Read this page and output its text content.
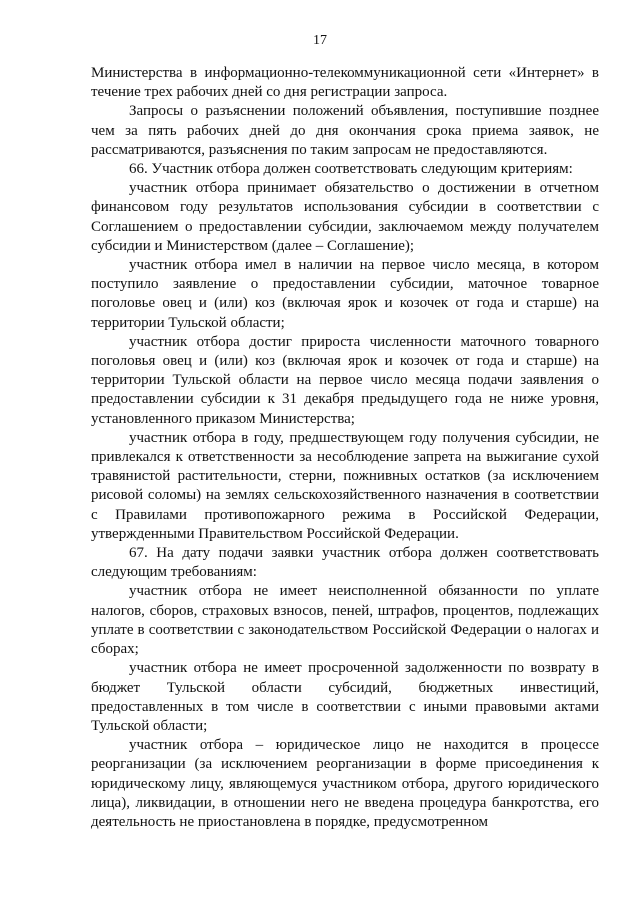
17

Министерства в информационно-телекоммуникационной сети «Интернет» в течение трех рабочих дней со дня регистрации запроса.

Запросы о разъяснении положений объявления, поступившие позднее чем за пять рабочих дней до дня окончания срока приема заявок, не рассматриваются, разъяснения по таким запросам не предоставляются.

66. Участник отбора должен соответствовать следующим критериям:

участник отбора принимает обязательство о достижении в отчетном финансовом году результатов использования субсидии в соответствии с Соглашением о предоставлении субсидии, заключаемом между получателем субсидии и Министерством (далее – Соглашение);

участник отбора имел в наличии на первое число месяца, в котором поступило заявление о предоставлении субсидии, маточное товарное поголовье овец и (или) коз (включая ярок и козочек от года и старше) на территории Тульской области;

участник отбора достиг прироста численности маточного товарного поголовья овец и (или) коз (включая ярок и козочек от года и старше) на территории Тульской области на первое число месяца подачи заявления о предоставлении субсидии к 31 декабря предыдущего года не ниже уровня, установленного приказом Министерства;

участник отбора в году, предшествующем году получения субсидии, не привлекался к ответственности за несоблюдение запрета на выжигание сухой травянистой растительности, стерни, пожнивных остатков (за исключением рисовой соломы) на землях сельскохозяйственного назначения в соответствии с Правилами противопожарного режима в Российской Федерации, утвержденными Правительством Российской Федерации.

67. На дату подачи заявки участник отбора должен соответствовать следующим требованиям:

участник отбора не имеет неисполненной обязанности по уплате налогов, сборов, страховых взносов, пеней, штрафов, процентов, подлежащих уплате в соответствии с законодательством Российской Федерации о налогах и сборах;

участник отбора не имеет просроченной задолженности по возврату в бюджет Тульской области субсидий, бюджетных инвестиций, предоставленных в том числе в соответствии с иными правовыми актами Тульской области;

участник отбора – юридическое лицо не находится в процессе реорганизации (за исключением реорганизации в форме присоединения к юридическому лицу, являющемуся участником отбора, другого юридического лица), ликвидации, в отношении него не введена процедура банкротства, его деятельность не приостановлена в порядке, предусмотренном
